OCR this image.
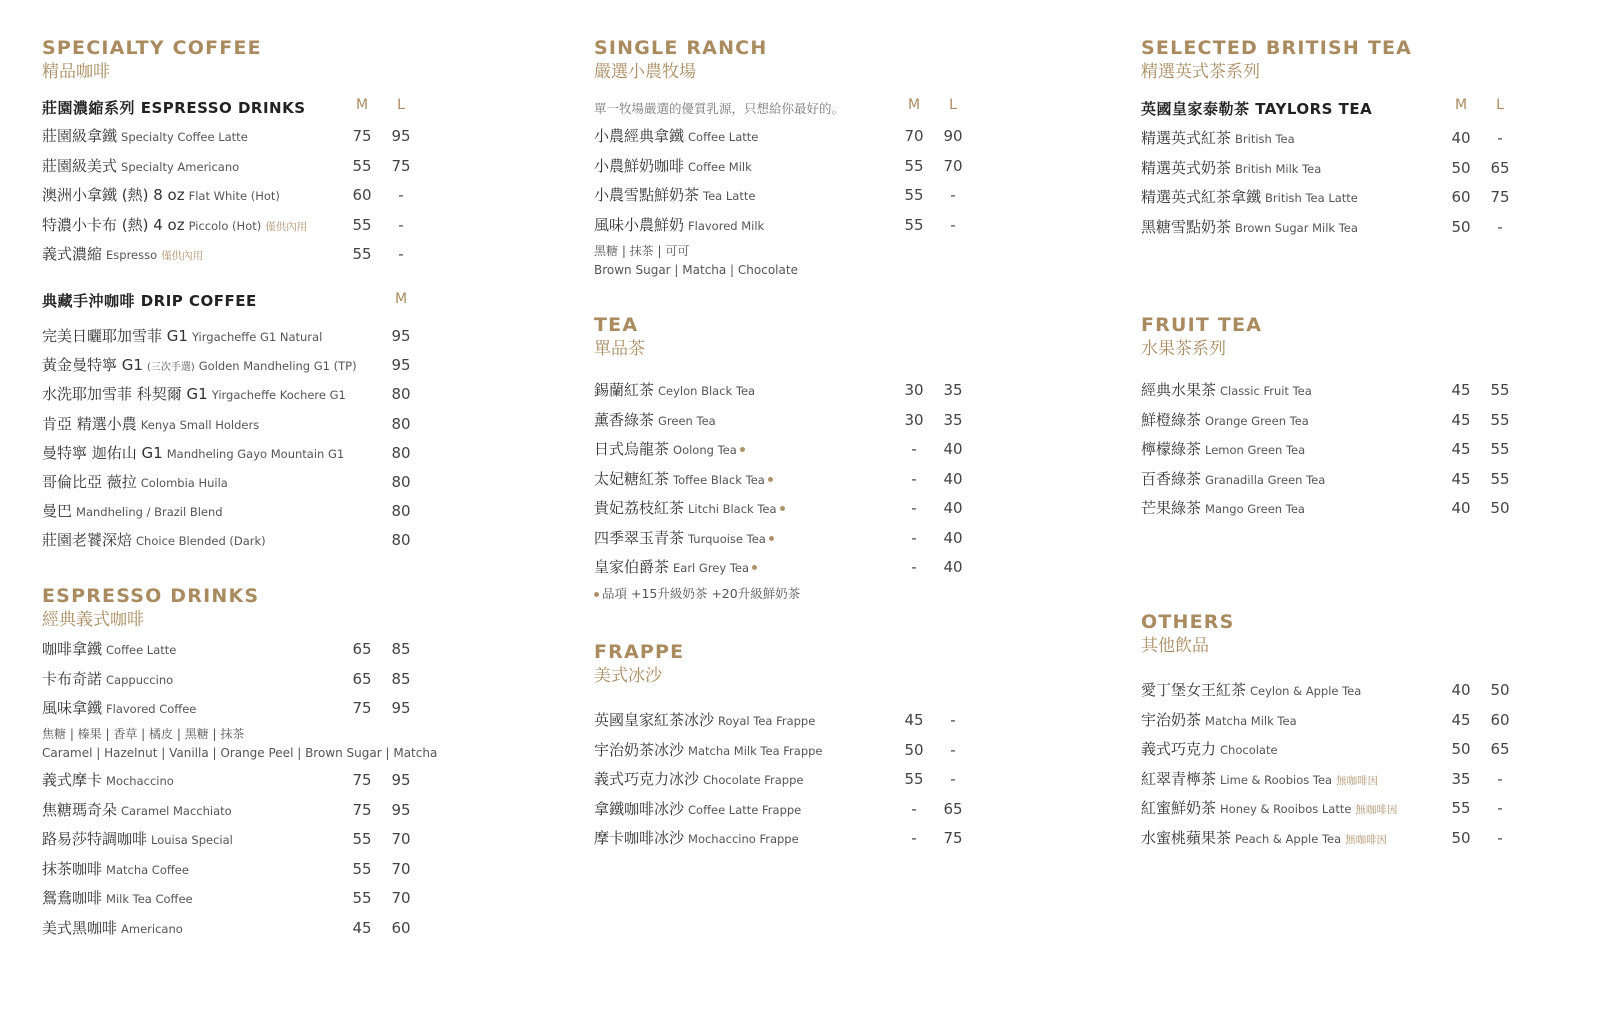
SPECIALTY COFFEE
精品咖啡
莊園濃縮系列 ESPRESSO DRINKS	M	L
莊園級拿鐵 Specialty Coffee Latte	75	95
莊園級美式 Specialty Americano	55	75
澳洲小拿鐵 (熱) 8 oz Flat White (Hot)	60	-
特濃小卡布 (熱) 4 oz Piccolo (Hot) 僅供內用	55	-
義式濃縮 Espresso 僅供內用	55	-
典藏手沖咖啡 DRIP COFFEE	M
完美日曬耶加雪菲 G1 Yirgacheffe G1 Natural	95
黃金曼特寧 G1 (三次手選) Golden Mandheling G1 (TP)	95
水洗耶加雪菲 科契爾 G1 Yirgacheffe Kochere G1	80
肯亞 精選小農 Kenya Small Holders	80
曼特寧 迦佑山 G1 Mandheling Gayo Mountain G1	80
哥倫比亞 薇拉 Colombia Huila	80
曼巴 Mandheling / Brazil Blend	80
莊園老饕深焙 Choice Blended (Dark)	80
ESPRESSO DRINKS
經典義式咖啡
咖啡拿鐵 Coffee Latte	65	85
卡布奇諾 Cappuccino	65	85
風味拿鐵 Flavored Coffee	75	95
焦糖 | 榛果 | 香草 | 橘皮 | 黑糖 | 抹茶
Caramel | Hazelnut | Vanilla | Orange Peel | Brown Sugar | Matcha
義式摩卡 Mochaccino	75	95
焦糖瑪奇朵 Caramel Macchiato	75	95
路易莎特調咖啡 Louisa Special	55	70
抹茶咖啡 Matcha Coffee	55	70
鴛鴦咖啡 Milk Tea Coffee	55	70
美式黑咖啡 Americano	45	60
SINGLE RANCH
嚴選小農牧場
單一牧場嚴選的優質乳源，只想給你最好的。	M	L
小農經典拿鐵 Coffee Latte	70	90
小農鮮奶咖啡 Coffee Milk	55	70
小農雪點鮮奶茶 Tea Latte	55	-
風味小農鮮奶 Flavored Milk	55	-
黑糖 | 抹茶 | 可可
Brown Sugar | Matcha | Chocolate
TEA
單品茶
錫蘭紅茶 Ceylon Black Tea	30	35
薰香綠茶 Green Tea	30	35
日式烏龍茶 Oolong Tea	-	40
太妃糖紅茶 Toffee Black Tea	-	40
貴妃荔枝紅茶 Litchi Black Tea	-	40
四季翠玉青茶 Turquoise Tea	-	40
皇家伯爵茶 Earl Grey Tea	-	40
品項 +15升級奶茶 +20升級鮮奶茶
FRAPPE
美式冰沙
英國皇家紅茶冰沙 Royal Tea Frappe	45	-
宇治奶茶冰沙 Matcha Milk Tea Frappe	50	-
義式巧克力冰沙 Chocolate Frappe	55	-
拿鐵咖啡冰沙 Coffee Latte Frappe	-	65
摩卡咖啡冰沙 Mochaccino Frappe	-	75
SELECTED BRITISH TEA
精選英式茶系列
英國皇家泰勒茶 TAYLORS TEA	M	L
精選英式紅茶 British Tea	40	-
精選英式奶茶 British Milk Tea	50	65
精選英式紅茶拿鐵 British Tea Latte	60	75
黑糖雪點奶茶 Brown Sugar Milk Tea	50	-
FRUIT TEA
水果茶系列
經典水果茶 Classic Fruit Tea	45	55
鮮橙綠茶 Orange Green Tea	45	55
檸檬綠茶 Lemon Green Tea	45	55
百香綠茶 Granadilla Green Tea	45	55
芒果綠茶 Mango Green Tea	40	50
OTHERS
其他飲品
愛丁堡女王紅茶 Ceylon & Apple Tea	40	50
宇治奶茶 Matcha Milk Tea	45	60
義式巧克力 Chocolate	50	65
紅翠青檸茶 Lime & Roobios Tea 無咖啡因	35	-
紅蜜鮮奶茶 Honey & Rooibos Latte 無咖啡因	55	-
水蜜桃蘋果茶 Peach & Apple Tea 無咖啡因	50	-
